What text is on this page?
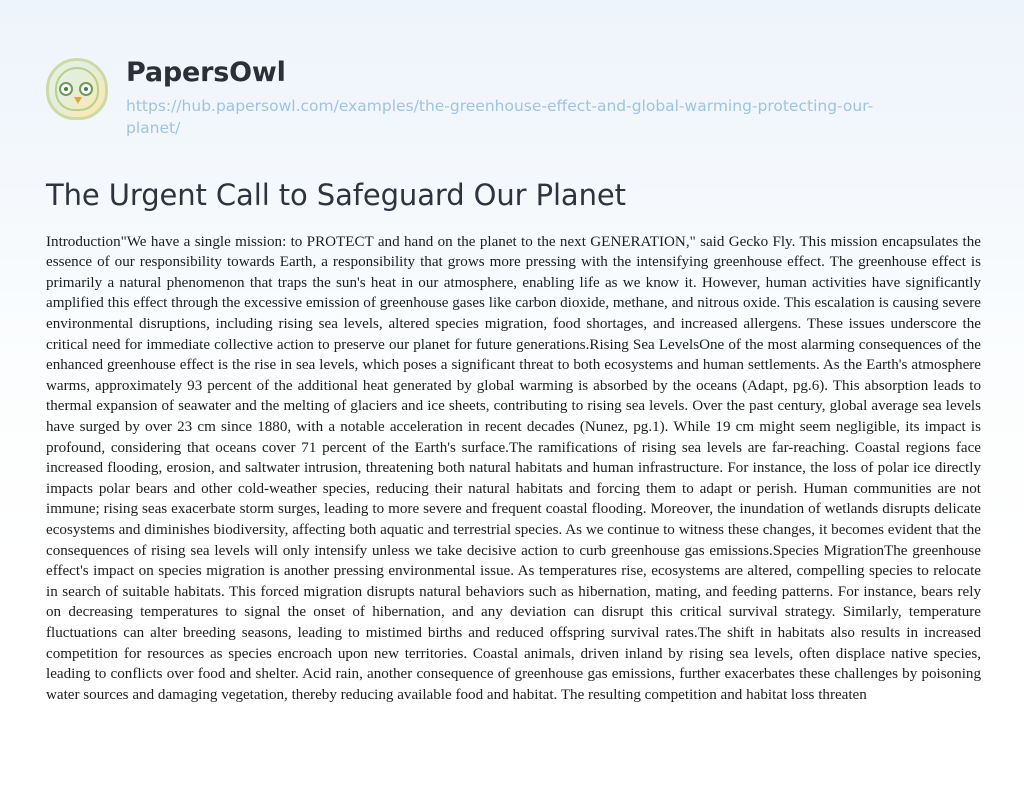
PapersOwl
https://hub.papersowl.com/examples/the-greenhouse-effect-and-global-warming-protecting-our-planet/
The Urgent Call to Safeguard Our Planet

Introduction"We have a single mission: to PROTECT and hand on the planet to the next GENERATION," said Gecko Fly. This mission encapsulates the essence of our responsibility towards Earth, a responsibility that grows more pressing with the intensifying greenhouse effect. The greenhouse effect is primarily a natural phenomenon that traps the sun's heat in our atmosphere, enabling life as we know it. However, human activities have significantly amplified this effect through the excessive emission of greenhouse gases like carbon dioxide, methane, and nitrous oxide. This escalation is causing severe environmental disruptions, including rising sea levels, altered species migration, food shortages, and increased allergens. These issues underscore the critical need for immediate collective action to preserve our planet for future generations.Rising Sea LevelsOne of the most alarming consequences of the enhanced greenhouse effect is the rise in sea levels, which poses a significant threat to both ecosystems and human settlements. As the Earth's atmosphere warms, approximately 93 percent of the additional heat generated by global warming is absorbed by the oceans (Adapt, pg.6). This absorption leads to thermal expansion of seawater and the melting of glaciers and ice sheets, contributing to rising sea levels. Over the past century, global average sea levels have surged by over 23 cm since 1880, with a notable acceleration in recent decades (Nunez, pg.1). While 19 cm might seem negligible, its impact is profound, considering that oceans cover 71 percent of the Earth's surface.The ramifications of rising sea levels are far-reaching. Coastal regions face increased flooding, erosion, and saltwater intrusion, threatening both natural habitats and human infrastructure. For instance, the loss of polar ice directly impacts polar bears and other cold-weather species, reducing their natural habitats and forcing them to adapt or perish. Human communities are not immune; rising seas exacerbate storm surges, leading to more severe and frequent coastal flooding. Moreover, the inundation of wetlands disrupts delicate ecosystems and diminishes biodiversity, affecting both aquatic and terrestrial species. As we continue to witness these changes, it becomes evident that the consequences of rising sea levels will only intensify unless we take decisive action to curb greenhouse gas emissions.Species MigrationThe greenhouse effect's impact on species migration is another pressing environmental issue. As temperatures rise, ecosystems are altered, compelling species to relocate in search of suitable habitats. This forced migration disrupts natural behaviors such as hibernation, mating, and feeding patterns. For instance, bears rely on decreasing temperatures to signal the onset of hibernation, and any deviation can disrupt this critical survival strategy. Similarly, temperature fluctuations can alter breeding seasons, leading to mistimed births and reduced offspring survival rates.The shift in habitats also results in increased competition for resources as species encroach upon new territories. Coastal animals, driven inland by rising sea levels, often displace native species, leading to conflicts over food and shelter. Acid rain, another consequence of greenhouse gas emissions, further exacerbates these challenges by poisoning water sources and damaging vegetation, thereby reducing available food and habitat. The resulting competition and habitat loss threaten
